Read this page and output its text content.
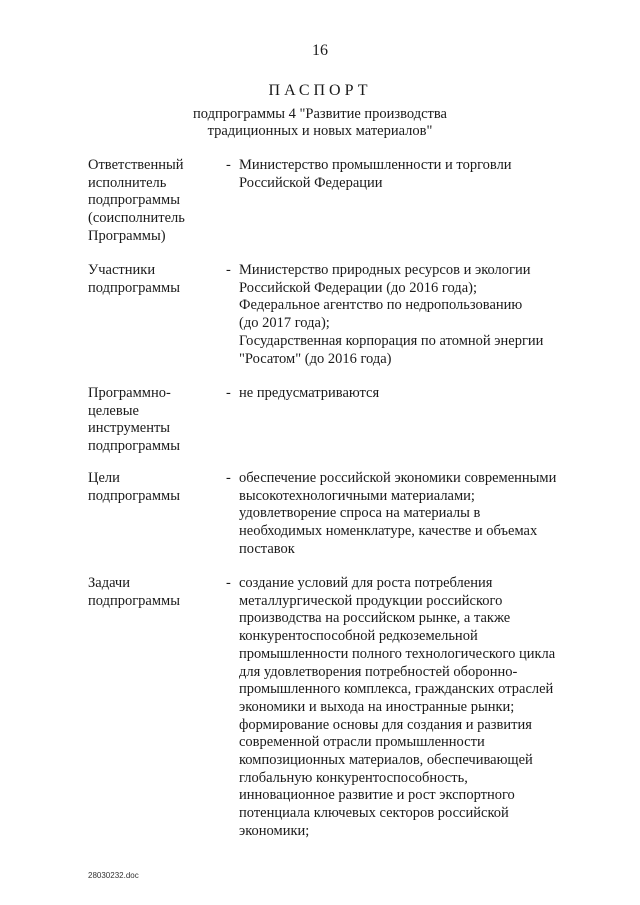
16
ПАСПОРТ
подпрограммы 4 "Развитие производства
традиционных и новых материалов"
Ответственный
исполнитель
подпрограммы
(соисполнитель
Программы)
- Министерство промышленности и торговли
Российской Федерации
Участники
подпрограммы
- Министерство природных ресурсов и экологии
Российской Федерации (до 2016 года);
Федеральное агентство по недропользованию
(до 2017 года);
Государственная корпорация по атомной энергии
"Росатом" (до 2016 года)
Программно-
целевые
инструменты
подпрограммы
- не предусматриваются
Цели
подпрограммы
- обеспечение российской экономики современными
высокотехнологичными материалами;
удовлетворение спроса на материалы в
необходимых номенклатуре, качестве и объемах
поставок
Задачи
подпрограммы
- создание условий для роста потребления
металлургической продукции российского
производства на российском рынке, а также
конкурентоспособной редкоземельной
промышленности полного технологического цикла
для удовлетворения потребностей оборонно-
промышленного комплекса, гражданских отраслей
экономики и выхода на иностранные рынки;
формирование основы для создания и развития
современной отрасли промышленности
композиционных материалов, обеспечивающей
глобальную конкурентоспособность,
инновационное развитие и рост экспортного
потенциала ключевых секторов российской
экономики;
28030232.doc
